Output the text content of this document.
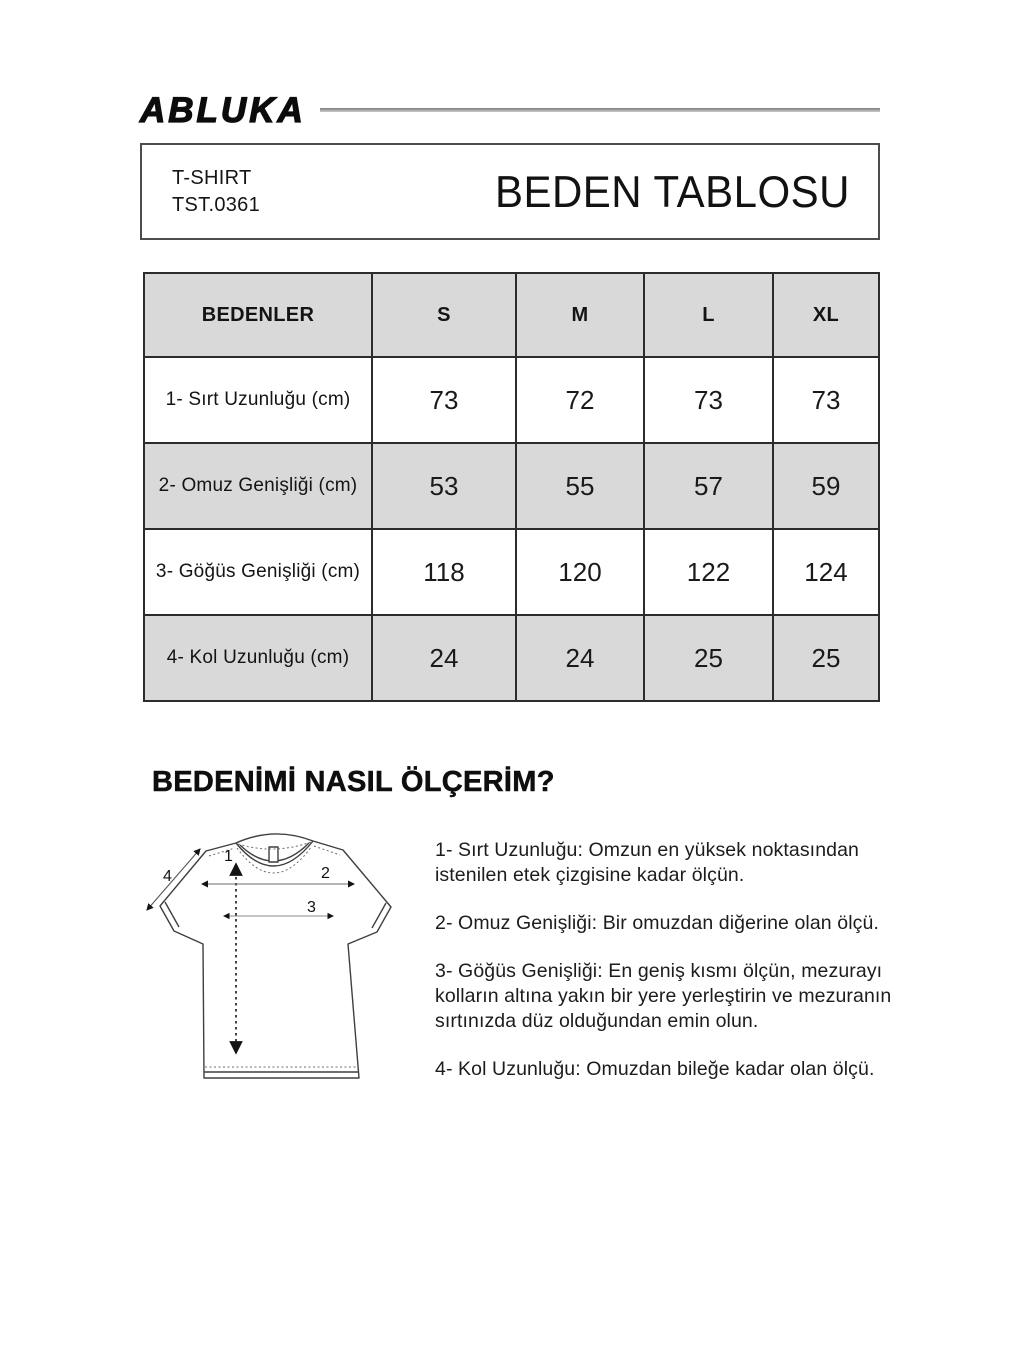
ABLUKA
T-SHIRT
TST.0361	BEDEN TABLOSU
BEDENLER	S	M	L	XL
1- Sırt Uzunluğu (cm)	73	72	73	73
2- Omuz Genişliği (cm)	53	55	57	59
3- Göğüs Genişliği (cm)	118	120	122	124
4- Kol Uzunluğu (cm)	24	24	25	25
BEDENİMİ NASIL ÖLÇERİM?
1
2
3
4

1- Sırt Uzunluğu: Omzun en yüksek noktasından
istenilen etek çizgisine kadar ölçün.

2- Omuz Genişliği: Bir omuzdan diğerine olan ölçü.

3- Göğüs Genişliği: En geniş kısmı ölçün, mezurayı
kolların altına yakın bir yere yerleştirin ve mezuranın
sırtınızda düz olduğundan emin olun.

4- Kol Uzunluğu: Omuzdan bileğe kadar olan ölçü.
